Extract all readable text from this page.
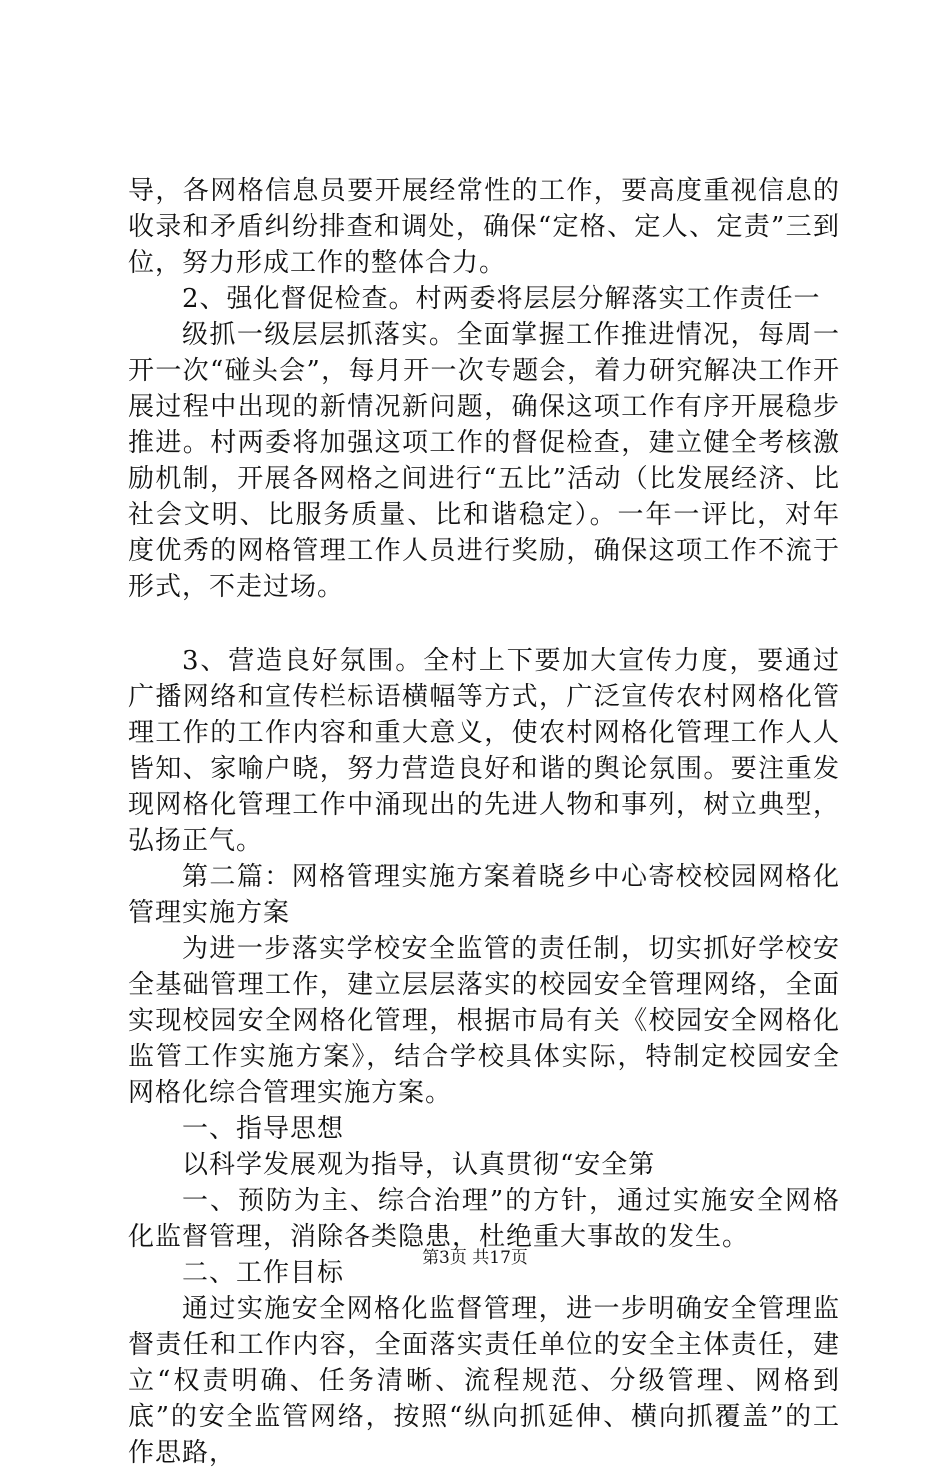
导，各网格信息员要开展经常性的工作，要高度重视信息的收录和矛盾纠纷排查和调处，确保“定格、定人、定责”三到位，努力形成工作的整体合力。

2、强化督促检查。村两委将层层分解落实工作责任一

级抓一级层层抓落实。全面掌握工作推进情况，每周一开一次“碰头会”，每月开一次专题会，着力研究解决工作开展过程中出现的新情况新问题，确保这项工作有序开展稳步推进。村两委将加强这项工作的督促检查，建立健全考核激励机制，开展各网格之间进行“五比”活动（比发展经济、比社会文明、比服务质量、比和谐稳定）。一年一评比，对年度优秀的网格管理工作人员进行奖励，确保这项工作不流于形式，不走过场。

3、营造良好氛围。全村上下要加大宣传力度，要通过广播网络和宣传栏标语横幅等方式，广泛宣传农村网格化管理工作的工作内容和重大意义，使农村网格化管理工作人人皆知、家喻户晓，努力营造良好和谐的舆论氛围。要注重发现网格化管理工作中涌现出的先进人物和事列，树立典型，弘扬正气。

第二篇：网格管理实施方案着晓乡中心寄校校园网格化管理实施方案

为进一步落实学校安全监管的责任制，切实抓好学校安全基础管理工作，建立层层落实的校园安全管理网络，全面实现校园安全网格化管理，根据市局有关《校园安全网格化监管工作实施方案》，结合学校具体实际，特制定校园安全网格化综合管理实施方案。

一、指导思想

以科学发展观为指导，认真贯彻“安全第

一、预防为主、综合治理”的方针，通过实施安全网格化监督管理，消除各类隐患，杜绝重大事故的发生。

二、工作目标

通过实施安全网格化监督管理，进一步明确安全管理监督责任和工作内容，全面落实责任单位的安全主体责任，建立“权责明确、任务清晰、流程规范、分级管理、网格到底”的安全监管网络，按照“纵向抓延伸、横向抓覆盖”的工作思路，

第3页 共17页
